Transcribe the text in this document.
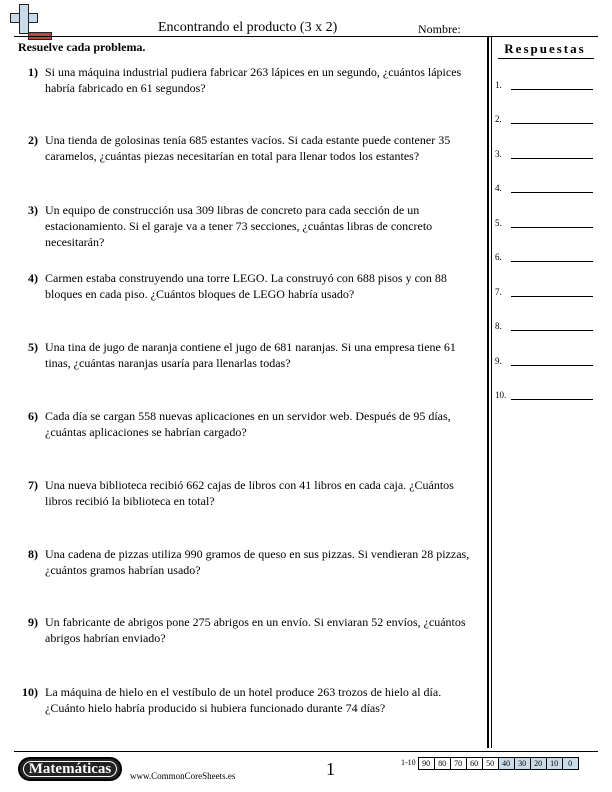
Encontrando el producto (3 x 2)	Nombre:
Resuelve cada problema.	Respuestas
1.
2.
3.
4.
5.
6.
7.
8.
9.
10.
1) Si una máquina industrial pudiera fabricar 263 lápices en un segundo, ¿cuántos lápices habría fabricado en 61 segundos?
2) Una tienda de golosinas tenía 685 estantes vacíos. Si cada estante puede contener 35 caramelos, ¿cuántas piezas necesitarían en total para llenar todos los estantes?
3) Un equipo de construcción usa 309 libras de concreto para cada sección de un estacionamiento. Si el garaje va a tener 73 secciones, ¿cuántas libras de concreto necesitarán?
4) Carmen estaba construyendo una torre LEGO. La construyó con 688 pisos y con 88 bloques en cada piso. ¿Cuántos bloques de LEGO habría usado?
5) Una tina de jugo de naranja contiene el jugo de 681 naranjas. Si una empresa tiene 61 tinas, ¿cuántas naranjas usaría para llenarlas todas?
6) Cada día se cargan 558 nuevas aplicaciones en un servidor web. Después de 95 días, ¿cuántas aplicaciones se habrían cargado?
7) Una nueva biblioteca recibió 662 cajas de libros con 41 libros en cada caja. ¿Cuántos libros recibió la biblioteca en total?
8) Una cadena de pizzas utiliza 990 gramos de queso en sus pizzas. Si vendieran 28 pizzas, ¿cuántos gramos habrían usado?
9) Un fabricante de abrigos pone 275 abrigos en un envío. Si enviaran 52 envíos, ¿cuántos abrigos habrían enviado?
10) La máquina de hielo en el vestíbulo de un hotel produce 263 trozos de hielo al día. ¿Cuánto hielo habría producido si hubiera funcionado durante 74 días?
Matemáticas	www.CommonCoreSheets.es	1	1-10 90	80	70	60	50	40	30	20	10	0
